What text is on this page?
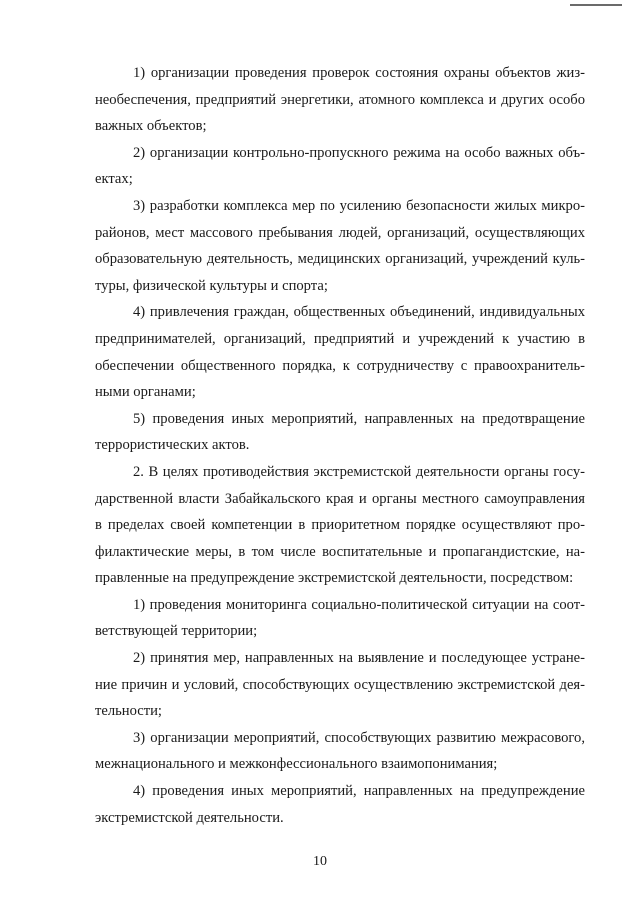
1) организации проведения проверок состояния охраны объектов жиз-
необеспечения, предприятий энергетики, атомного комплекса и других особо
важных объектов;
2) организации контрольно-пропускного режима на особо важных объ-
ектах;
3) разработки комплекса мер по усилению безопасности жилых микро-
районов, мест массового пребывания людей, организаций, осуществляющих
образовательную деятельность, медицинских организаций, учреждений куль-
туры, физической культуры и спорта;
4) привлечения граждан, общественных объединений, индивидуальных
предпринимателей, организаций, предприятий и учреждений к участию в
обеспечении общественного порядка, к сотрудничеству с правоохранитель-
ными органами;
5) проведения иных мероприятий, направленных на предотвращение
террористических актов.
2. В целях противодействия экстремистской деятельности органы госу-
дарственной власти Забайкальского края и органы местного самоуправления
в пределах своей компетенции в приоритетном порядке осуществляют про-
филактические меры, в том числе воспитательные и пропагандистские, на-
правленные на предупреждение экстремистской деятельности, посредством:
1) проведения мониторинга социально-политической ситуации на соот-
ветствующей территории;
2) принятия мер, направленных на выявление и последующее устране-
ние причин и условий, способствующих осуществлению экстремистской дея-
тельности;
3) организации мероприятий, способствующих развитию межрасового,
межнационального и межконфессионального взаимопонимания;
4) проведения иных мероприятий, направленных на предупреждение
экстремистской деятельности.
10
